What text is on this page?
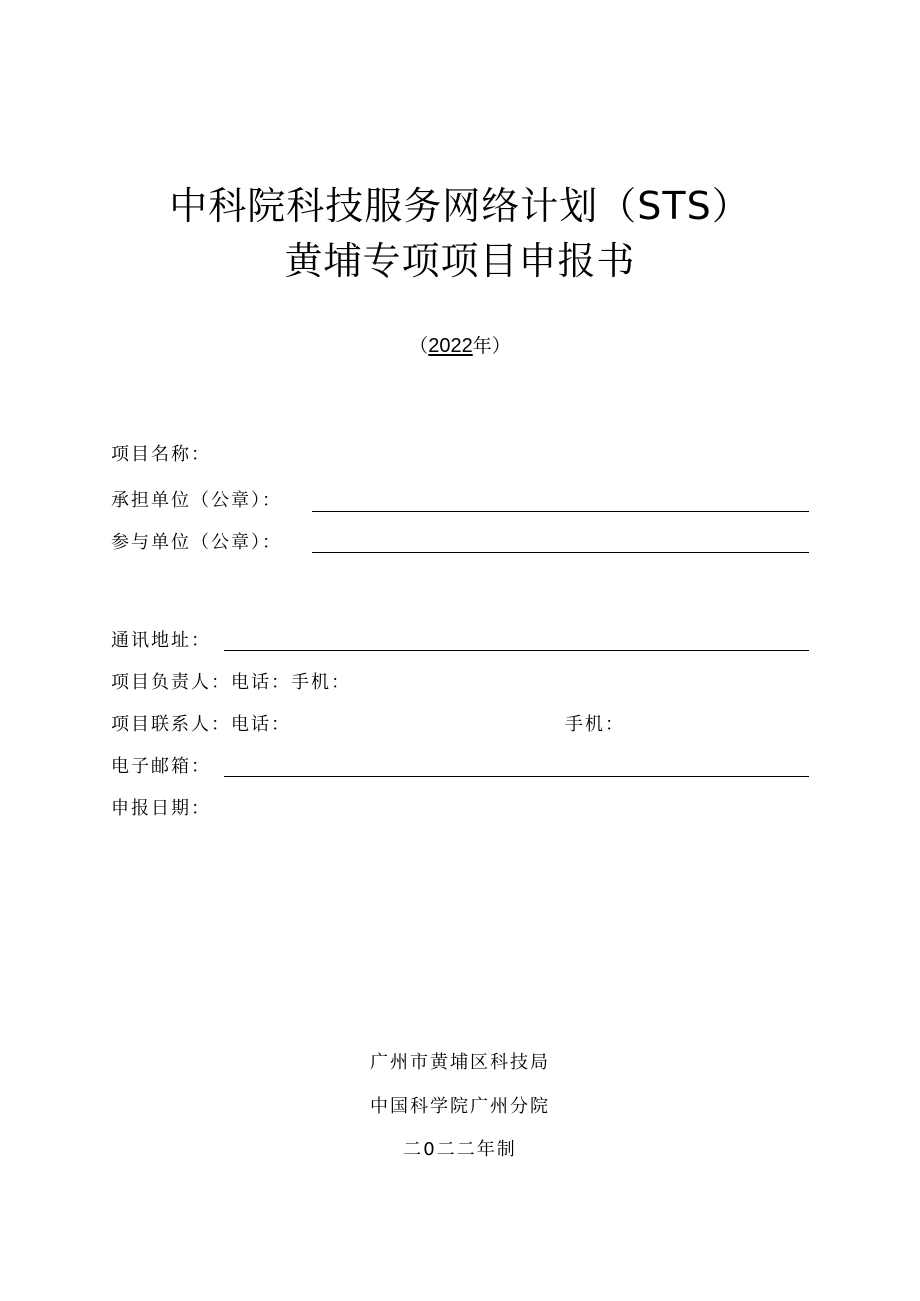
中科院科技服务网络计划（STS）
黄埔专项项目申报书
（2022年）
项目名称：
承担单位（公章）：
参与单位（公章）：
通讯地址：
项目负责人：电话：手机：
项目联系人：电话：	手机：
电子邮箱：
申报日期：
广州市黄埔区科技局
中国科学院广州分院
二0二二年制
